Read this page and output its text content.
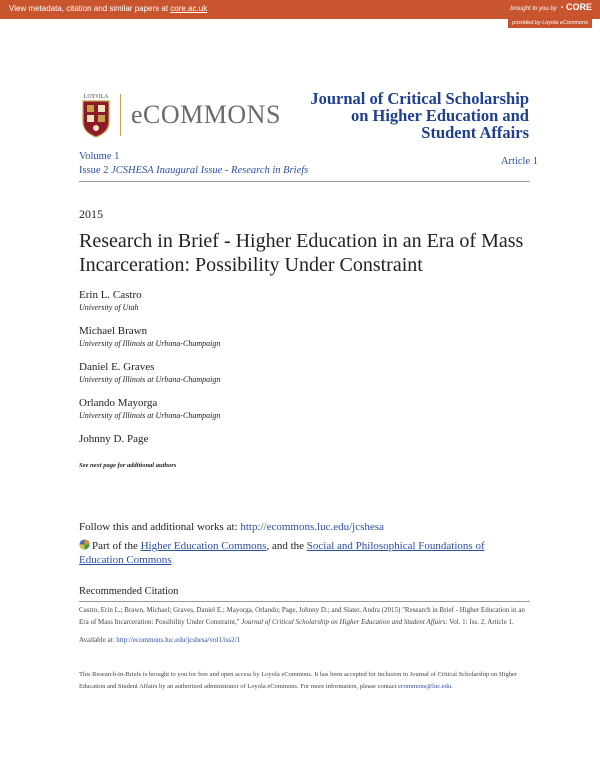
View metadata, citation and similar papers at core.ac.uk	brought to you by ◔ CORE
provided by Loyola eCommons
LOYOLA
eCOMMONS
Journal of Critical Scholarship
on Higher Education and
Student Affairs
Volume 1
Issue 2 JCSHESA Inaugural Issue - Research in Briefs
Article 1
2015
Research in Brief - Higher Education in an Era of Mass Incarceration: Possibility Under Constraint
Erin L. Castro
University of Utah
Michael Brawn
University of Illinois at Urbana-Champaign
Daniel E. Graves
University of Illinois at Urbana-Champaign
Orlando Mayorga
University of Illinois at Urbana-Champaign
Johnny D. Page
See next page for additional authors
Follow this and additional works at: http://ecommons.luc.edu/jcshesa
Part of the Higher Education Commons, and the Social and Philosophical Foundations of Education Commons
Recommended Citation
Castro, Erin L.; Brawn, Michael; Graves, Daniel E.; Mayorga, Orlando; Page, Johnny D.; and Slater, Andra (2015) "Research in Brief - Higher Education in an Era of Mass Incarceration: Possibility Under Constraint," Journal of Critical Scholarship on Higher Education and Student Affairs: Vol. 1: Iss. 2, Article 1.
Available at: http://ecommons.luc.edu/jcshesa/vol1/iss2/1
This Research-in-Briefs is brought to you for free and open access by Loyola eCommons. It has been accepted for inclusion in Journal of Critical Scholarship on Higher Education and Student Affairs by an authorized administrator of Loyola eCommons. For more information, please contact ecommons@luc.edu.
